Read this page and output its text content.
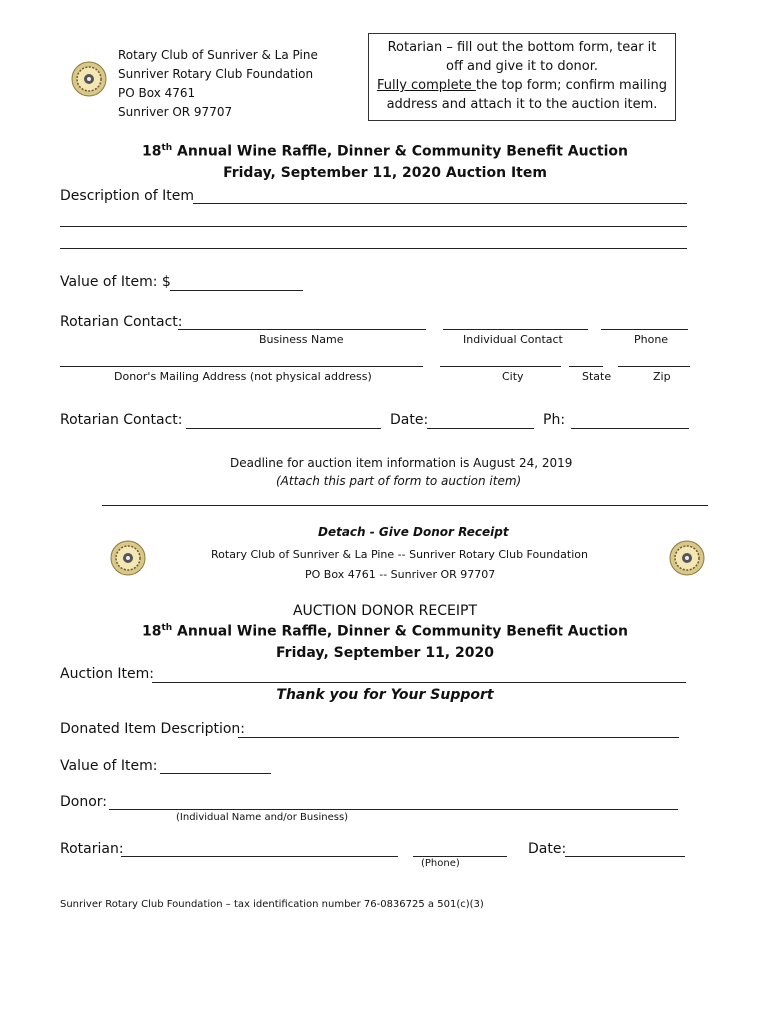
Rotary Club of Sunriver & La Pine
Sunriver Rotary Club Foundation
PO Box 4761
Sunriver OR 97707
Rotarian – fill out the bottom form, tear it
off and give it to donor.
Fully complete the top form; confirm mailing
address and attach it to the auction item.
18th Annual Wine Raffle, Dinner & Community Benefit Auction
Friday, September 11, 2020 Auction Item
Description of Item
Value of Item: $
Rotarian Contact:
Business Name	Individual Contact	Phone
Donor's Mailing Address (not physical address)	City	State	Zip
Rotarian Contact:	Date:	Ph:
Deadline for auction item information is August 24, 2019
(Attach this part of form to auction item)
Detach - Give Donor Receipt
Rotary Club of Sunriver & La Pine -- Sunriver Rotary Club Foundation
PO Box 4761 -- Sunriver OR 97707
AUCTION DONOR RECEIPT
18th Annual Wine Raffle, Dinner & Community Benefit Auction
Friday, September 11, 2020
Auction Item:
Thank you for Your Support
Donated Item Description:
Value of Item:
Donor:
(Individual Name and/or Business)
Rotarian:
(Phone)
Date:
Sunriver Rotary Club Foundation – tax identification number 76-0836725 a 501(c)(3)
